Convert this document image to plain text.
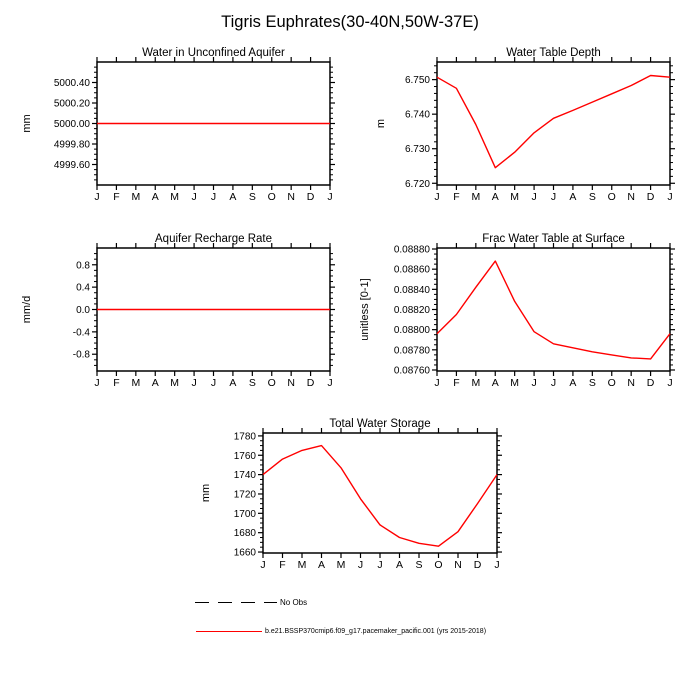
Tigris Euphrates(30-40N,50W-37E)
Water in Unconfined Aquifer
mm
4999.60
4999.80
5000.00
5000.20
5000.40
J F M A M J J A S O N D J
Water Table Depth
m
6.720
6.730
6.740
6.750
J F M A M J J A S O N D J
Aquifer Recharge Rate
mm/d
-0.8
-0.4
0.0
0.4
0.8
J F M A M J J A S O N D J
Frac Water Table at Surface
unitless [0-1]
0.08760
0.08780
0.08800
0.08820
0.08840
0.08860
0.08880
J F M A M J J A S O N D J
Total Water Storage
mm
1660
1680
1700
1720
1740
1760
1780
J F M A M J J A S O N D J
No Obs
b.e21.BSSP370cmip6.f09_g17.pacemaker_pacific.001 (yrs 2015-2018)
